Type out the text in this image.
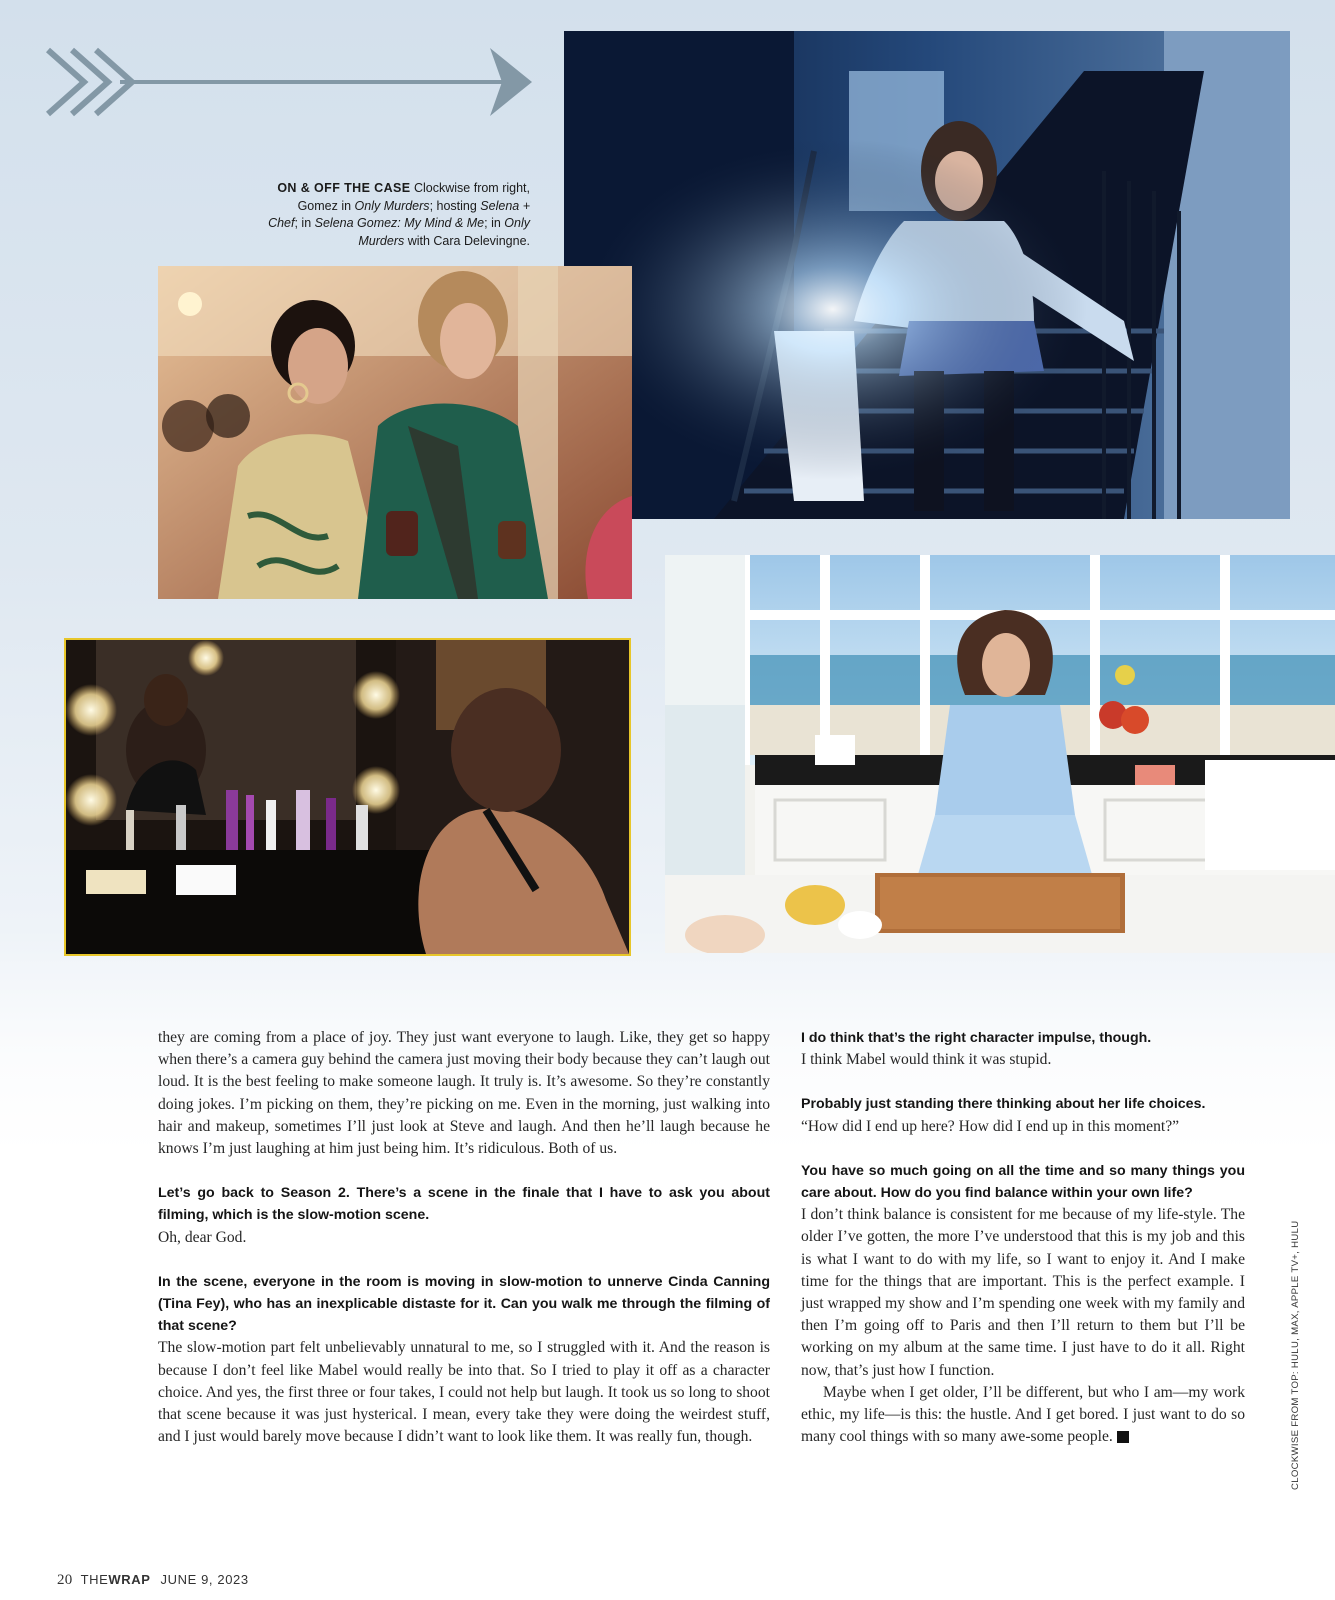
ON & OFF THE CASE Clockwise from right,
Gomez in Only Murders; hosting Selena +
Chef; in Selena Gomez: My Mind & Me; in Only
Murders with Cara Delevingne.

they are coming from a place of joy. They just want everyone to laugh. Like, they get so happy when there’s a camera guy behind the camera just moving their body because they can’t laugh out loud. It is the best feeling to make someone laugh. It truly is. It’s awesome. So they’re constantly doing jokes. I’m picking on them, they’re picking on me. Even in the morning, just walking into hair and makeup, sometimes I’ll just look at Steve and laugh. And then he’ll laugh because he knows I’m just laughing at him just being him. It’s ridiculous. Both of us.

Let’s go back to Season 2. There’s a scene in the finale that I have to ask you about filming, which is the slow-motion scene.

Oh, dear God.

In the scene, everyone in the room is moving in slow-motion to unnerve Cinda Canning (Tina Fey), who has an inexplicable distaste for it. Can you walk me through the filming of that scene?

The slow-motion part felt unbelievably unnatural to me, so I struggled with it. And the reason is because I don’t feel like Mabel would really be into that. So I tried to play it off as a character choice. And yes, the first three or four takes, I could not help but laugh. It took us so long to shoot that scene because it was just hysterical. I mean, every take they were doing the weirdest stuff, and I just would barely move because I didn’t want to look like them. It was really fun, though.

I do think that’s the right character impulse, though.

I think Mabel would think it was stupid.

Probably just standing there thinking about her life choices.

“How did I end up here? How did I end up in this moment?”

You have so much going on all the time and so many things you care about. How do you find balance within your own life?

I don’t think balance is consistent for me because of my life-style. The older I’ve gotten, the more I’ve understood that this is my job and this is what I want to do with my life, so I want to enjoy it. And I make time for the things that are important. This is the perfect example. I just wrapped my show and I’m spending one week with my family and then I’m going off to Paris and then I’ll return to them but I’ll be working on my album at the same time. I just have to do it all. Right now, that’s just how I function.

Maybe when I get older, I’ll be different, but who I am—my work ethic, my life—is this: the hustle. And I get bored. I just want to do so many cool things with so many awe-some people.	W	CLOCKWISE FROM TOP: HULU, MAX, APPLE TV+, HULU
20 THEWRAP JUNE 9, 2023
